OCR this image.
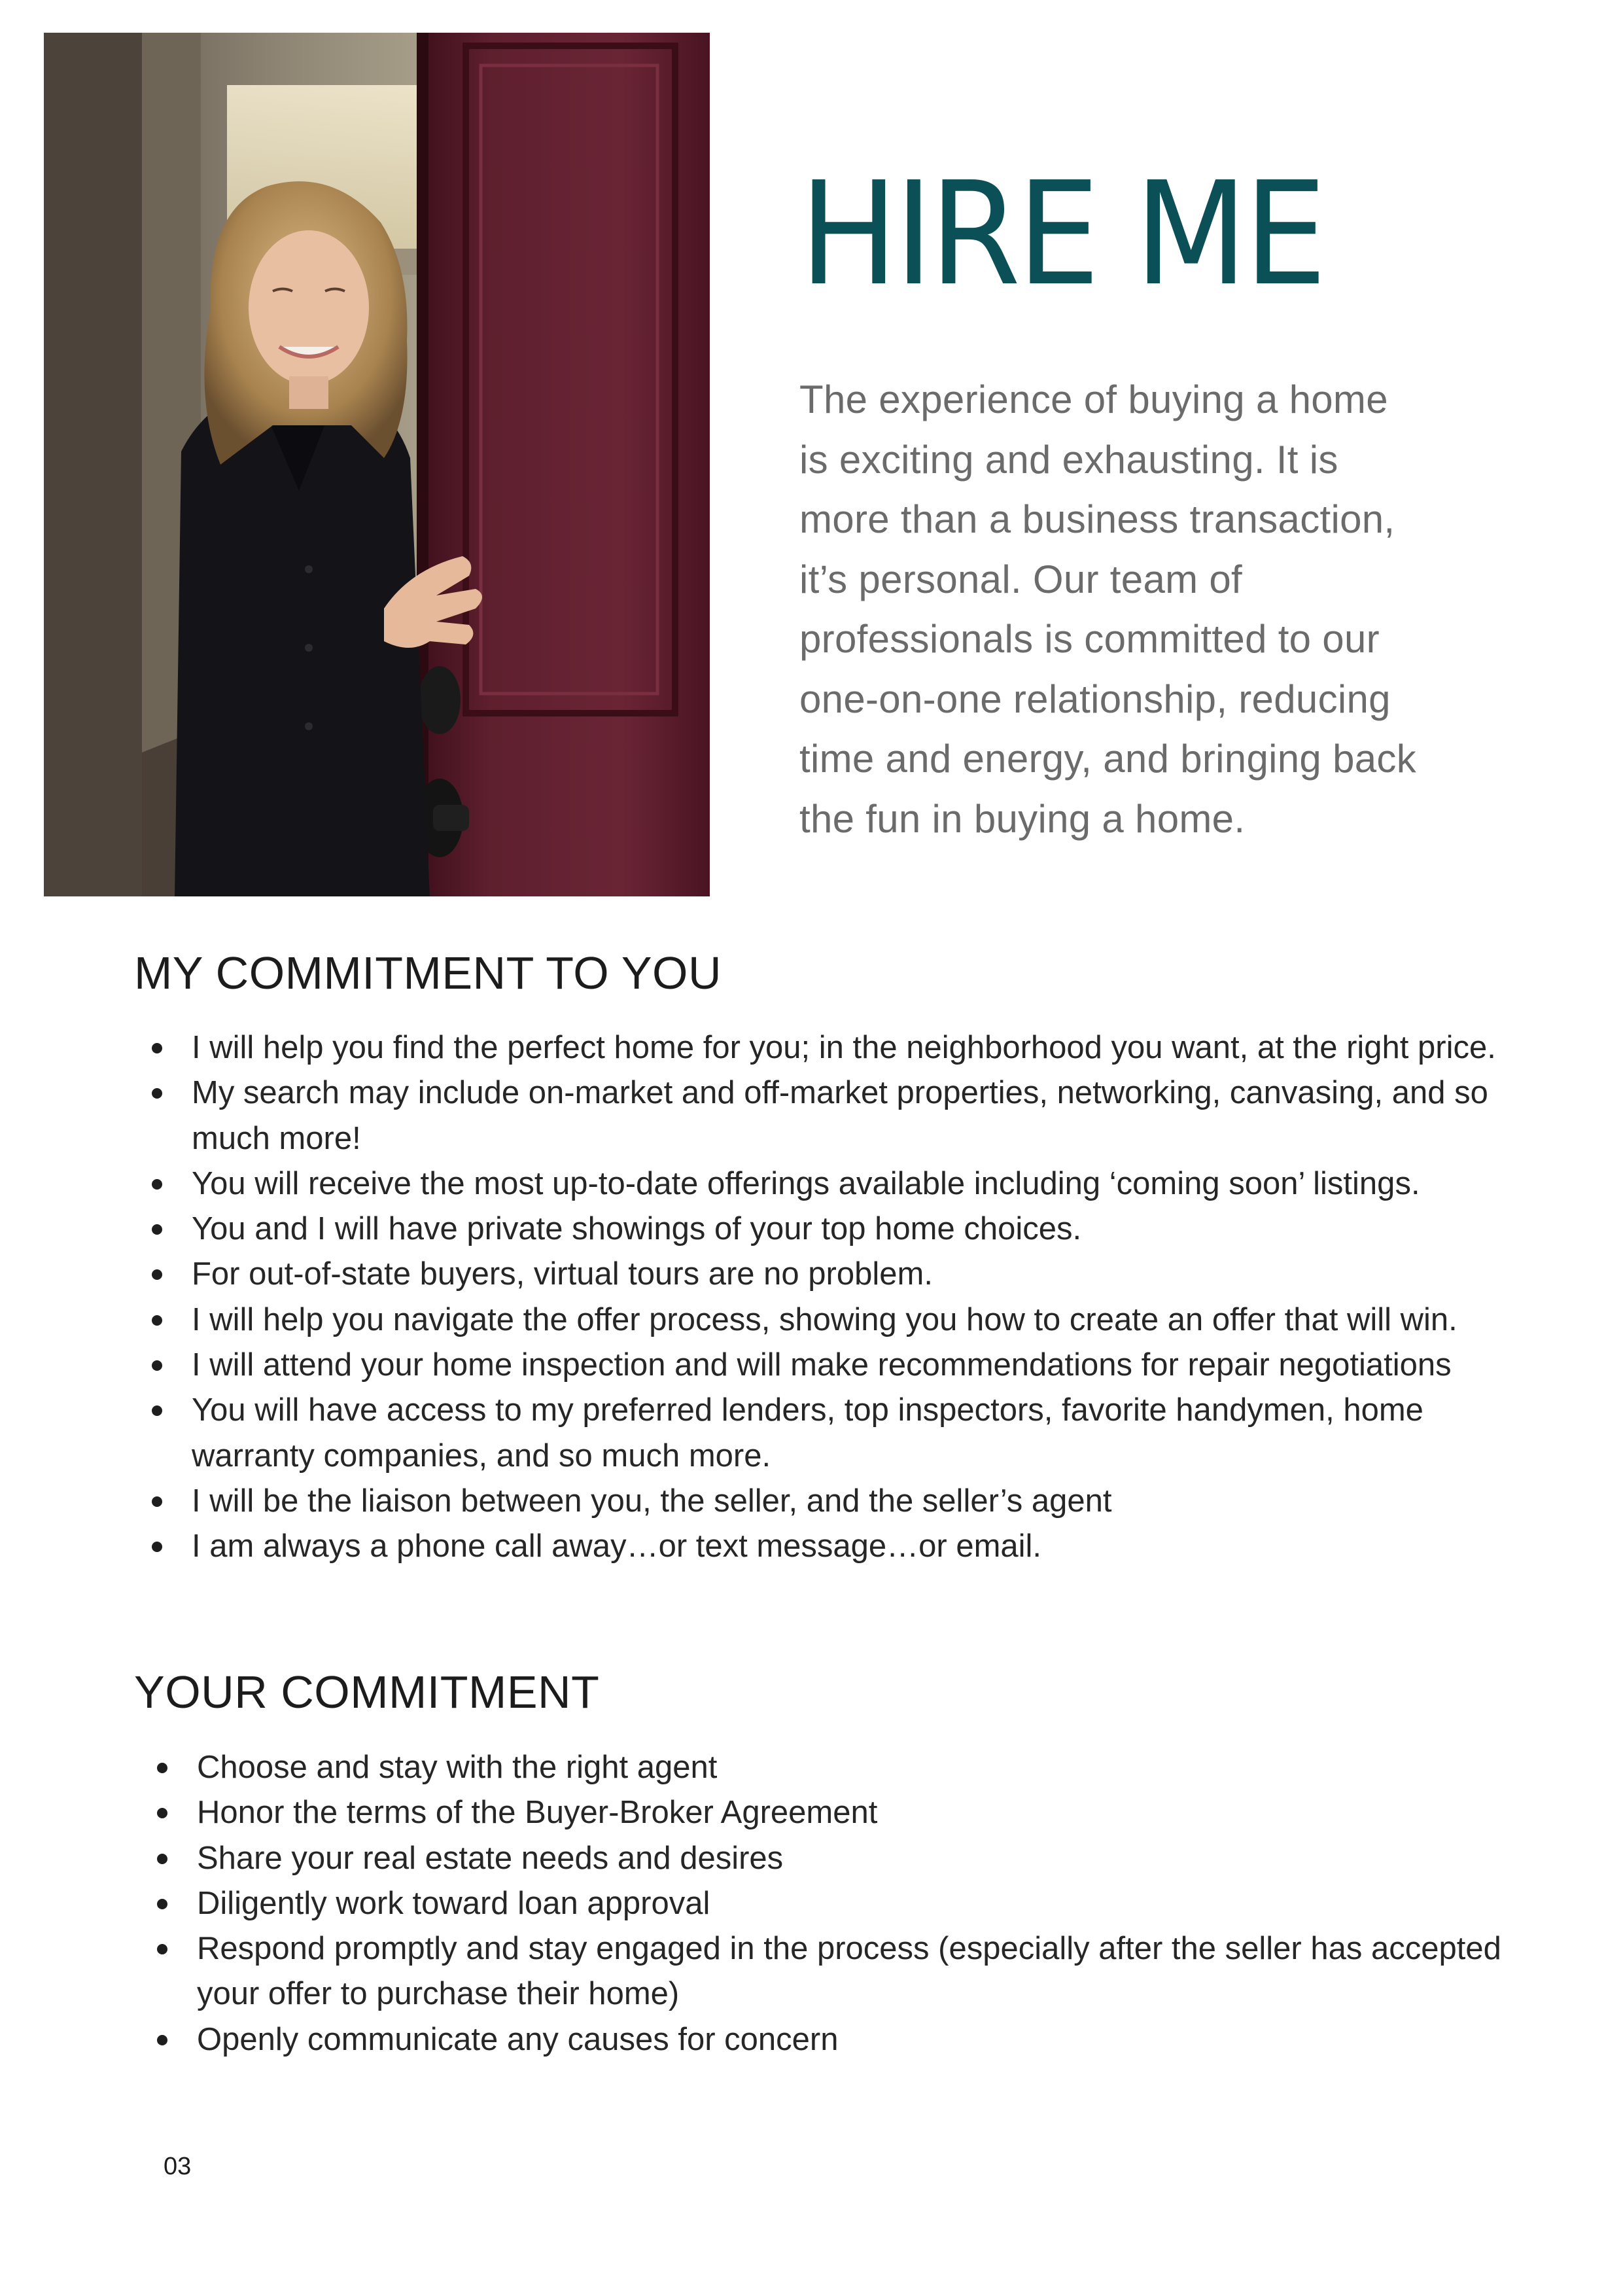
HIRE ME

The experience of buying a home
is exciting and exhausting. It is
more than a business transaction,
it’s personal. Our team of
professionals is committed to our
one-on-one relationship, reducing
time and energy, and bringing back
the fun in buying a home.

MY COMMITMENT TO YOU
I will help you find the perfect home for you; in the neighborhood you want, at the right price.
My search may include on-market and off-market properties, networking, canvasing, and so
much more!
You will receive the most up-to-date offerings available including ‘coming soon’ listings.
You and I will have private showings of your top home choices.
For out-of-state buyers, virtual tours are no problem.
I will help you navigate the offer process, showing you how to create an offer that will win.
I will attend your home inspection and will make recommendations for repair negotiations
You will have access to my preferred lenders, top inspectors, favorite handymen, home
warranty companies, and so much more.
I will be the liaison between you, the seller, and the seller’s agent
I am always a phone call away…or text message…or email.
YOUR COMMITMENT
Choose and stay with the right agent
Honor the terms of the Buyer-Broker Agreement
Share your real estate needs and desires
Diligently work toward loan approval
Respond promptly and stay engaged in the process (especially after the seller has accepted
your offer to purchase their home)
Openly communicate any causes for concern
03
